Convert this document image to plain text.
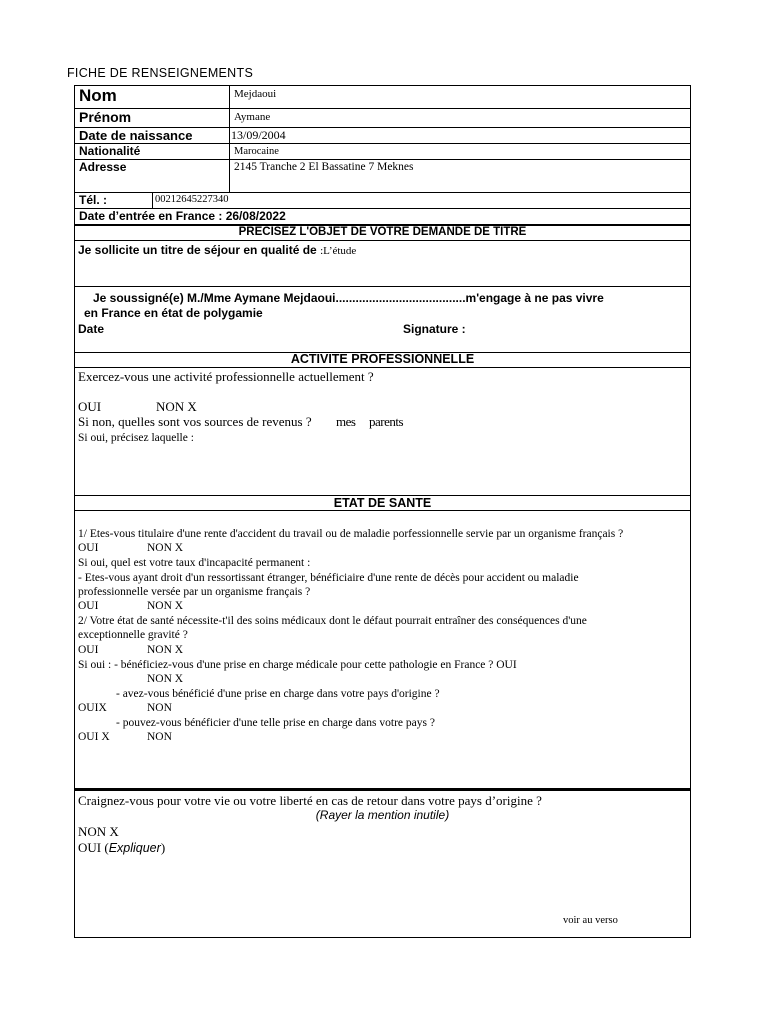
FICHE DE RENSEIGNEMENTS
Nom	Mejdaoui
Prénom	Aymane
Date de naissance	13/09/2004
Nationalité	Marocaine
Adresse	2145 Tranche 2 El Bassatine 7 Meknes
Tél. :	00212645227340
Date d’entrée en France : 26/08/2022
PRECISEZ L'OBJET DE VOTRE DEMANDE DE TITRE
Je sollicite un titre de séjour en qualité de :L’étude
Je soussigné(e) M./Mme Aymane Mejdaoui.......................................m'engage à ne pas vivre
en France en état de polygamie
Date	Signature :
ACTIVITE PROFESSIONNELLE
Exercez-vous une activité professionnelle actuellement ?
OUI	NON X
Si non, quelles sont vos sources de revenus ? mes parents
Si oui, précisez laquelle :
ETAT DE SANTE
1/ Etes-vous titulaire d'une rente d'accident du travail ou de maladie porfessionnelle servie par un organisme français ?
OUI	NON X
Si oui, quel est votre taux d'incapacité permanent :
- Etes-vous ayant droit d'un ressortissant étranger, bénéficiaire d'une rente de décès pour accident ou maladie
professionnelle versée par un organisme français ?
OUI	NON X
2/ Votre état de santé nécessite-t'il des soins médicaux dont le défaut pourrait entraîner des conséquences d'une
exceptionnelle gravité ?
OUI	NON X
Si oui : - bénéficiez-vous d'une prise en charge médicale pour cette pathologie en France ? OUI
NON X
- avez-vous bénéficié d'une prise en charge dans votre pays d'origine ?
OUIX	NON
- pouvez-vous bénéficier d'une telle prise en charge dans votre pays ?
OUI X	NON
Craignez-vous pour votre vie ou votre liberté en cas de retour dans votre pays d’origine ?
(Rayer la mention inutile)
NON X
OUI (Expliquer)
voir au verso
